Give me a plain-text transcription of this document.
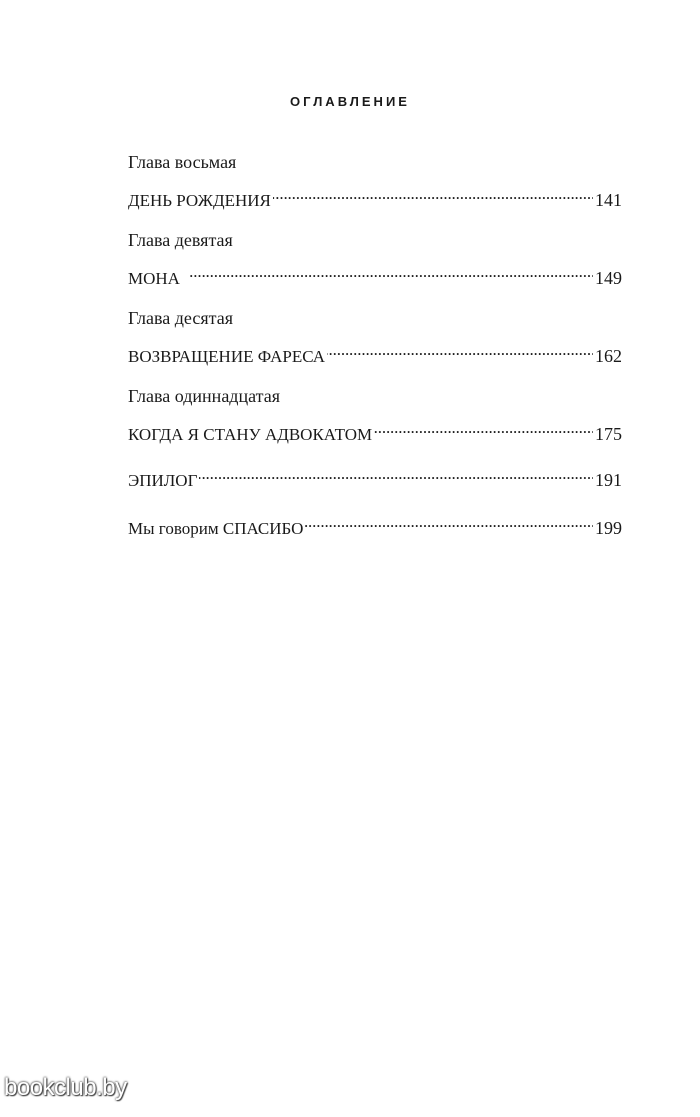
ОГЛАВЛЕНИЕ
Глава восьмая
ДЕНЬ РОЖДЕНИЯ . . .	141
Глава девятая
МОНА . . .	149
Глава десятая
ВОЗВРАЩЕНИЕ ФАРЕСА . . .	162
Глава одиннадцатая
КОГДА Я СТАНУ АДВОКАТОМ . . .	175
ЭПИЛОГ . . .	191
Мы говорим СПАСИБО . . .	199
bookclub.by
